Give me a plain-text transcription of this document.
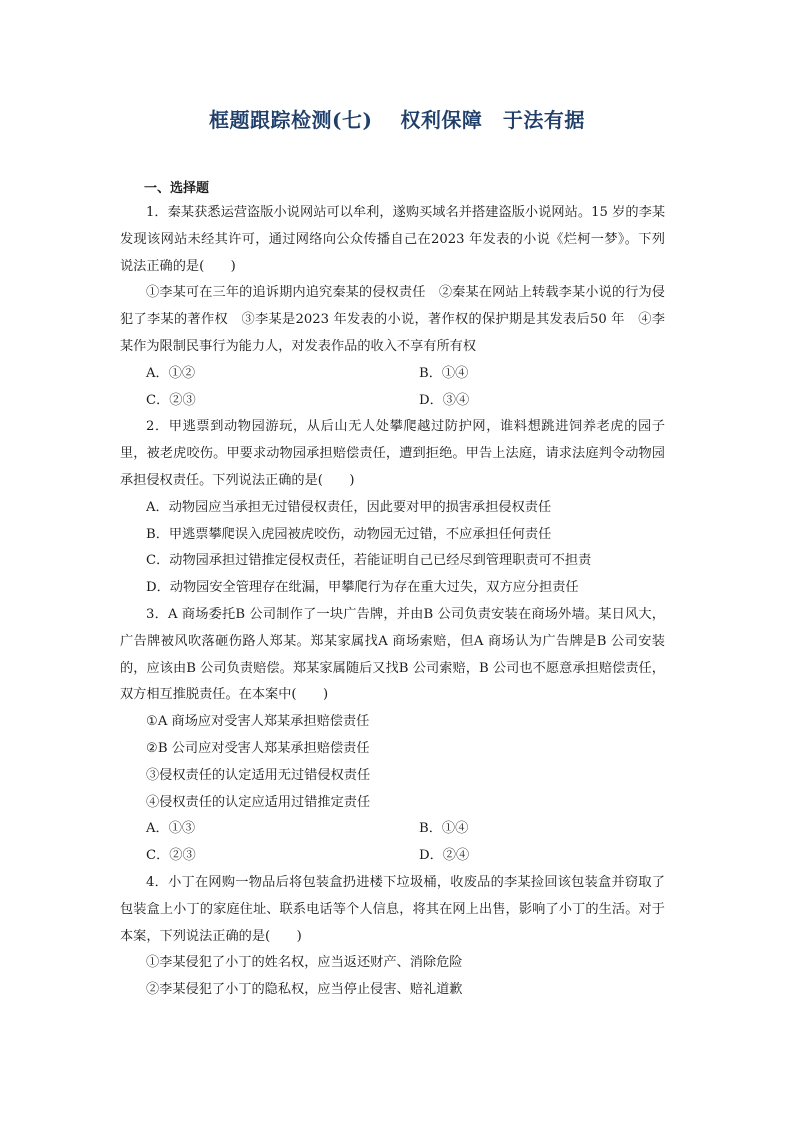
框题跟踪检测(七)　 权利保障　于法有据
一、选择题

1．秦某获悉运营盗版小说网站可以牟利，遂购买域名并搭建盗版小说网站。15 岁的李某发现该网站未经其许可，通过网络向公众传播自己在2023 年发表的小说《烂柯一梦》。下列说法正确的是(　　)

①李某可在三年的追诉期内追究秦某的侵权责任　②秦某在网站上转载李某小说的行为侵犯了李某的著作权　③李某是2023 年发表的小说，著作权的保护期是其发表后50 年　④李某作为限制民事行为能力人，对发表作品的收入不享有所有权

A．①②	B．①④
C．②③	D．③④

2．甲逃票到动物园游玩，从后山无人处攀爬越过防护网，谁料想跳进饲养老虎的园子里，被老虎咬伤。甲要求动物园承担赔偿责任，遭到拒绝。甲告上法庭，请求法庭判令动物园承担侵权责任。下列说法正确的是(　　)

A．动物园应当承担无过错侵权责任，因此要对甲的损害承担侵权责任

B．甲逃票攀爬误入虎园被虎咬伤，动物园无过错，不应承担任何责任

C．动物园承担过错推定侵权责任，若能证明自己已经尽到管理职责可不担责

D．动物园安全管理存在纰漏，甲攀爬行为存在重大过失，双方应分担责任

3．A 商场委托B 公司制作了一块广告牌，并由B 公司负责安装在商场外墙。某日风大，广告牌被风吹落砸伤路人郑某。郑某家属找A 商场索赔，但A 商场认为广告牌是B 公司安装的，应该由B 公司负责赔偿。郑某家属随后又找B 公司索赔，B 公司也不愿意承担赔偿责任，双方相互推脱责任。在本案中(　　)

①A 商场应对受害人郑某承担赔偿责任

②B 公司应对受害人郑某承担赔偿责任

③侵权责任的认定适用无过错侵权责任

④侵权责任的认定应适用过错推定责任

A．①③	B．①④
C．②③	D．②④

4．小丁在网购一物品后将包装盒扔进楼下垃圾桶，收废品的李某捡回该包装盒并窃取了包装盒上小丁的家庭住址、联系电话等个人信息，将其在网上出售，影响了小丁的生活。对于本案，下列说法正确的是(　　)

①李某侵犯了小丁的姓名权，应当返还财产、消除危险

②李某侵犯了小丁的隐私权，应当停止侵害、赔礼道歉
